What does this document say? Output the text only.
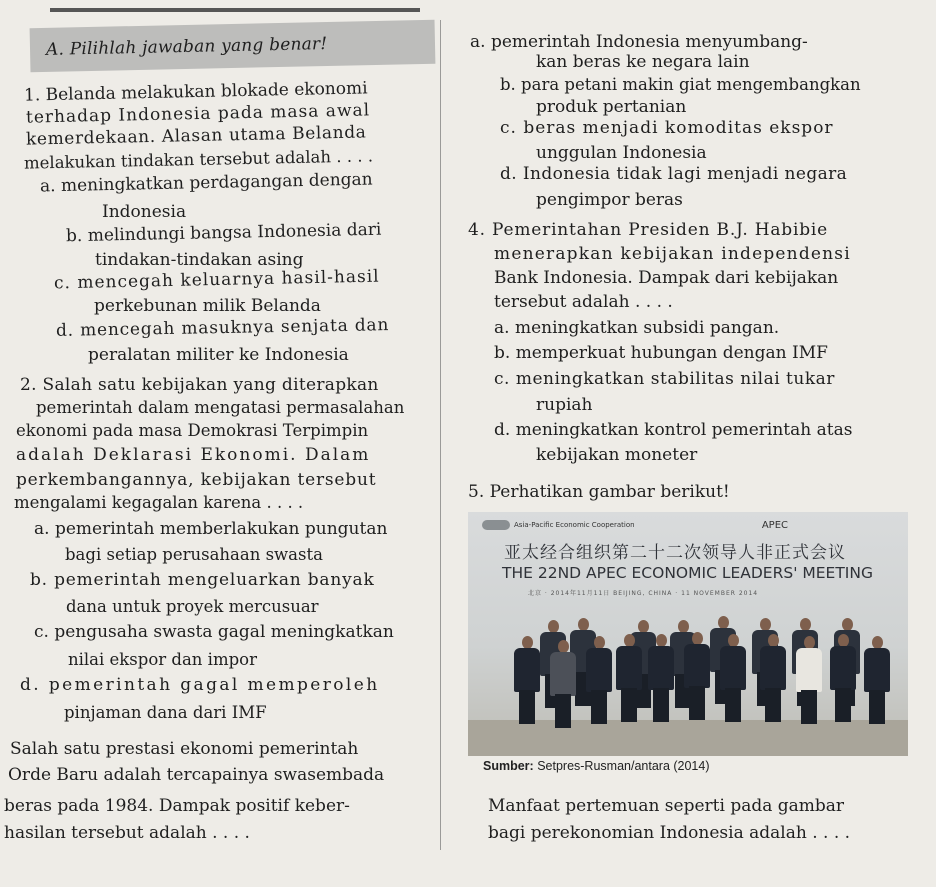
A. Pilihlah jawaban yang benar!
1. Belanda melakukan blokade ekonomi
terhadap Indonesia pada masa awal
kemerdekaan. Alasan utama Belanda
melakukan tindakan tersebut adalah . . . .
a. meningkatkan perdagangan dengan
Indonesia
b. melindungi bangsa Indonesia dari
tindakan-tindakan asing
c. mencegah keluarnya hasil-hasil
perkebunan milik Belanda
d. mencegah masuknya senjata dan
peralatan militer ke Indonesia
2. Salah satu kebijakan yang diterapkan
pemerintah dalam mengatasi permasalahan
ekonomi pada masa Demokrasi Terpimpin
adalah Deklarasi Ekonomi. Dalam
perkembangannya, kebijakan tersebut
mengalami kegagalan karena . . . .
a. pemerintah memberlakukan pungutan
bagi setiap perusahaan swasta
b. pemerintah mengeluarkan banyak
dana untuk proyek mercusuar
c. pengusaha swasta gagal meningkatkan
nilai ekspor dan impor
d. pemerintah gagal memperoleh
pinjaman dana dari IMF
Salah satu prestasi ekonomi pemerintah
Orde Baru adalah tercapainya swasembada
beras pada 1984. Dampak positif keber-
hasilan tersebut adalah . . . .
a. pemerintah Indonesia menyumbang-
kan beras ke negara lain
b. para petani makin giat mengembangkan
produk pertanian
c. beras menjadi komoditas ekspor
unggulan Indonesia
d. Indonesia tidak lagi menjadi negara
pengimpor beras
4. Pemerintahan Presiden B.J. Habibie
menerapkan kebijakan independensi
Bank Indonesia. Dampak dari kebijakan
tersebut adalah . . . .
a. meningkatkan subsidi pangan.
b. memperkuat hubungan dengan IMF
c. meningkatkan stabilitas nilai tukar
rupiah
d. meningkatkan kontrol pemerintah atas
kebijakan moneter
5. Perhatikan gambar berikut!
Asia-Pacific Economic Cooperation	APEC
亚太经合组织第二十二次领导人非正式会议
THE 22ND APEC ECONOMIC LEADERS' MEETING
北京 · 2014年11月11日 BEIJING, CHINA · 11 NOVEMBER 2014
Sumber: Setpres-Rusman/antara (2014)
Manfaat pertemuan seperti pada gambar
bagi perekonomian Indonesia adalah . . . .
